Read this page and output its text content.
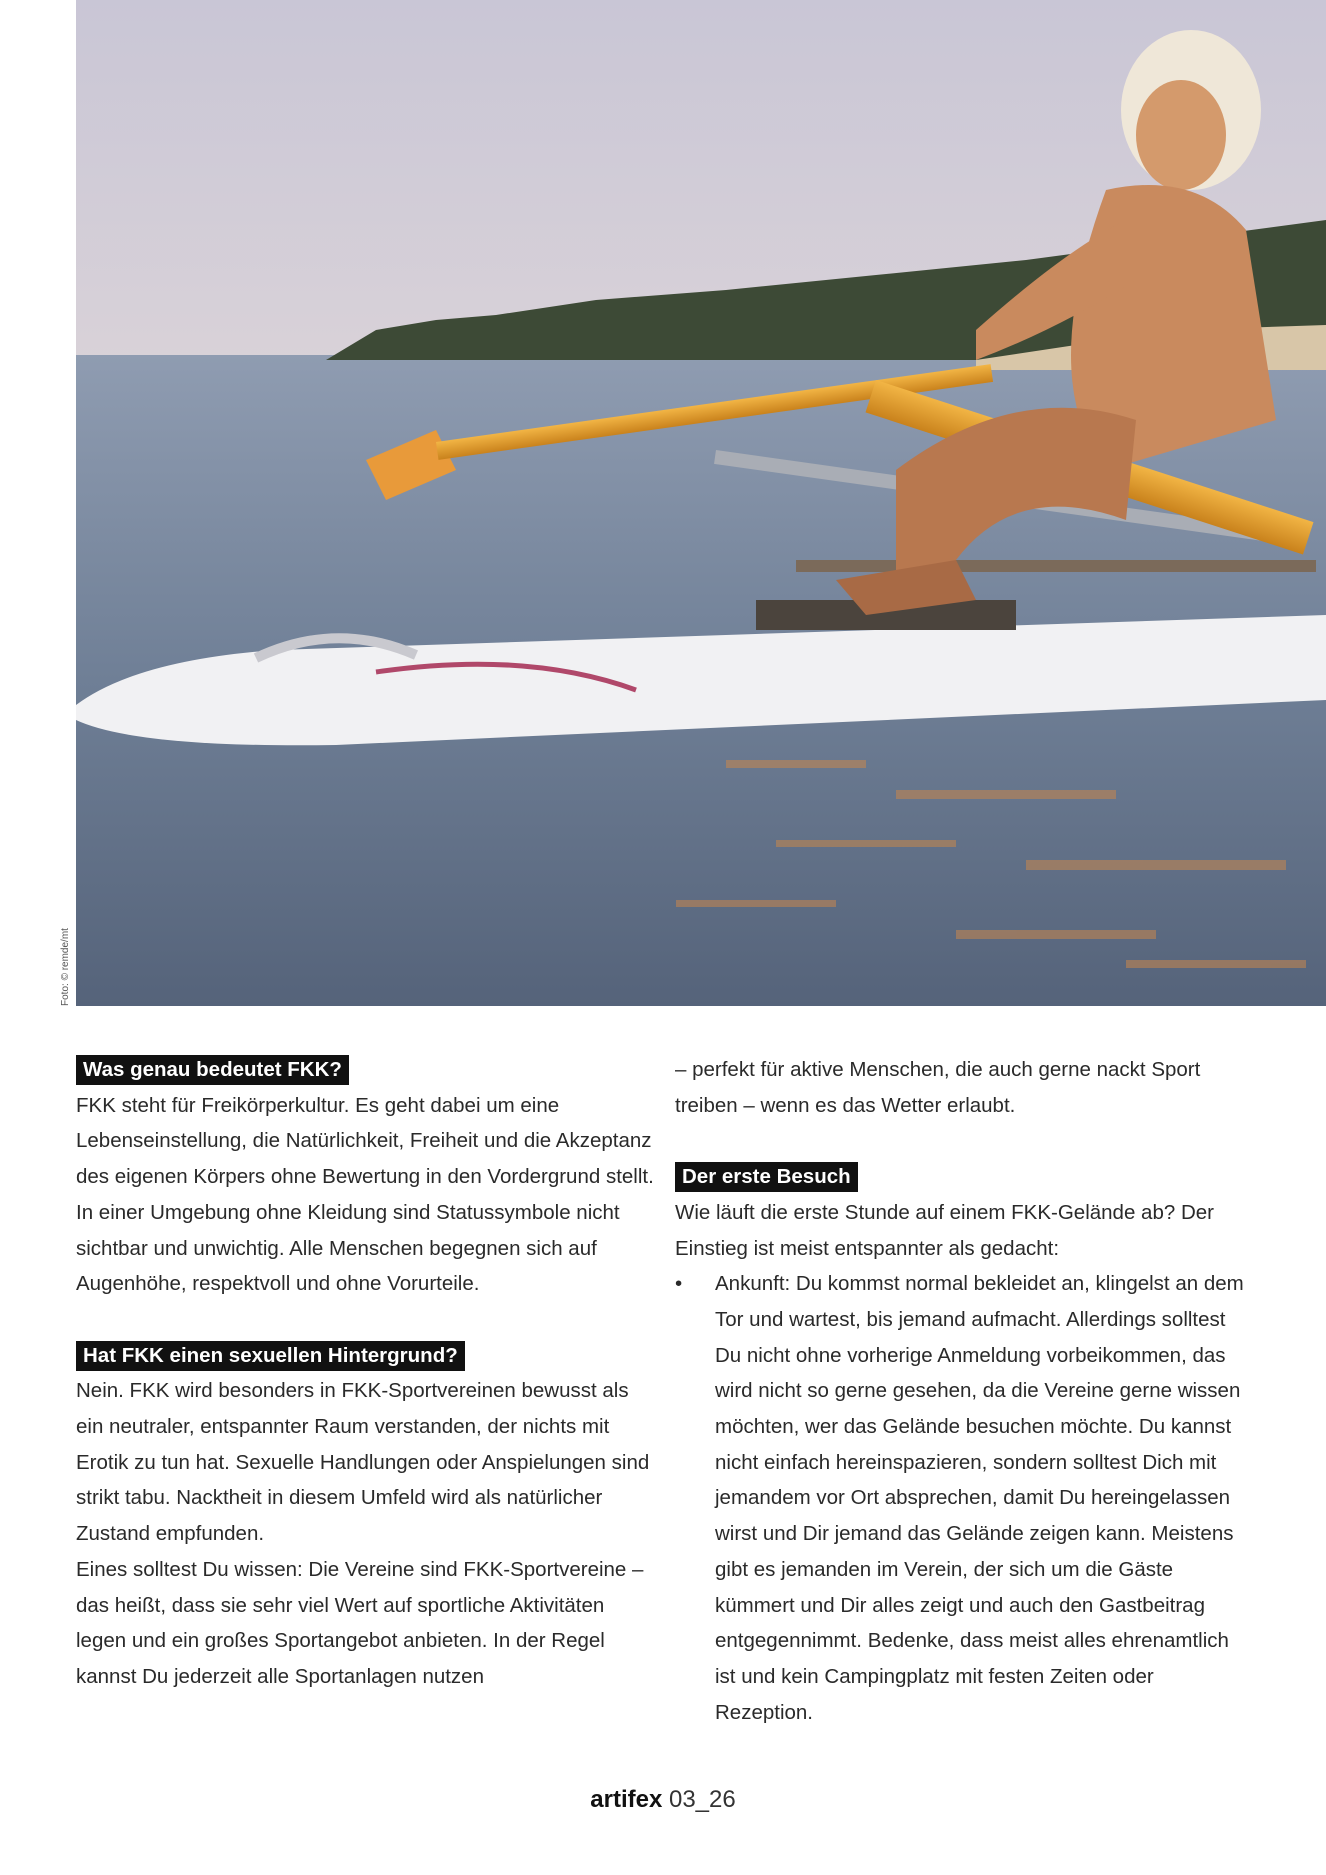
Foto: © remde/mt
Was genau bedeutet FKK?

FKK steht für Freikörperkultur. Es geht dabei um eine Lebenseinstellung, die Natürlichkeit, Freiheit und die Akzeptanz des eigenen Körpers ohne Bewertung in den Vordergrund stellt. In einer Umgebung ohne Kleidung sind Statussymbole nicht sichtbar und unwichtig. Alle Menschen begegnen sich auf Augenhöhe, respektvoll und ohne Vorurteile.

Hat FKK einen sexuellen Hintergrund?

Nein. FKK wird besonders in FKK-Sportvereinen bewusst als ein neutraler, entspannter Raum verstanden, der nichts mit Erotik zu tun hat. Sexuelle Handlungen oder Anspielungen sind strikt tabu. Nacktheit in diesem Umfeld wird als natürlicher Zustand empfunden.

Eines solltest Du wissen: Die Vereine sind FKK-Sportvereine – das heißt, dass sie sehr viel Wert auf sportliche Aktivitäten legen und ein großes Sportangebot anbieten. In der Regel kannst Du jederzeit alle Sportanlagen nutzen

– perfekt für aktive Menschen, die auch gerne nackt Sport treiben – wenn es das Wetter erlaubt.

Der erste Besuch

Wie läuft die erste Stunde auf einem FKK-Gelände ab? Der Einstieg ist meist entspannter als gedacht:

• Ankunft: Du kommst normal bekleidet an, klingelst an dem Tor und wartest, bis jemand aufmacht. Allerdings solltest Du nicht ohne vorherige Anmeldung vorbeikommen, das wird nicht so gerne gesehen, da die Vereine gerne wissen möchten, wer das Gelände besuchen möchte. Du kannst nicht einfach hereinspazieren, sondern solltest Dich mit jemandem vor Ort absprechen, damit Du hereingelassen wirst und Dir jemand das Gelände zeigen kann. Meistens gibt es jemanden im Verein, der sich um die Gäste kümmert und Dir alles zeigt und auch den Gastbeitrag entgegennimmt. Bedenke, dass meist alles ehrenamtlich ist und kein Campingplatz mit festen Zeiten oder Rezeption.
artifex 03_26
